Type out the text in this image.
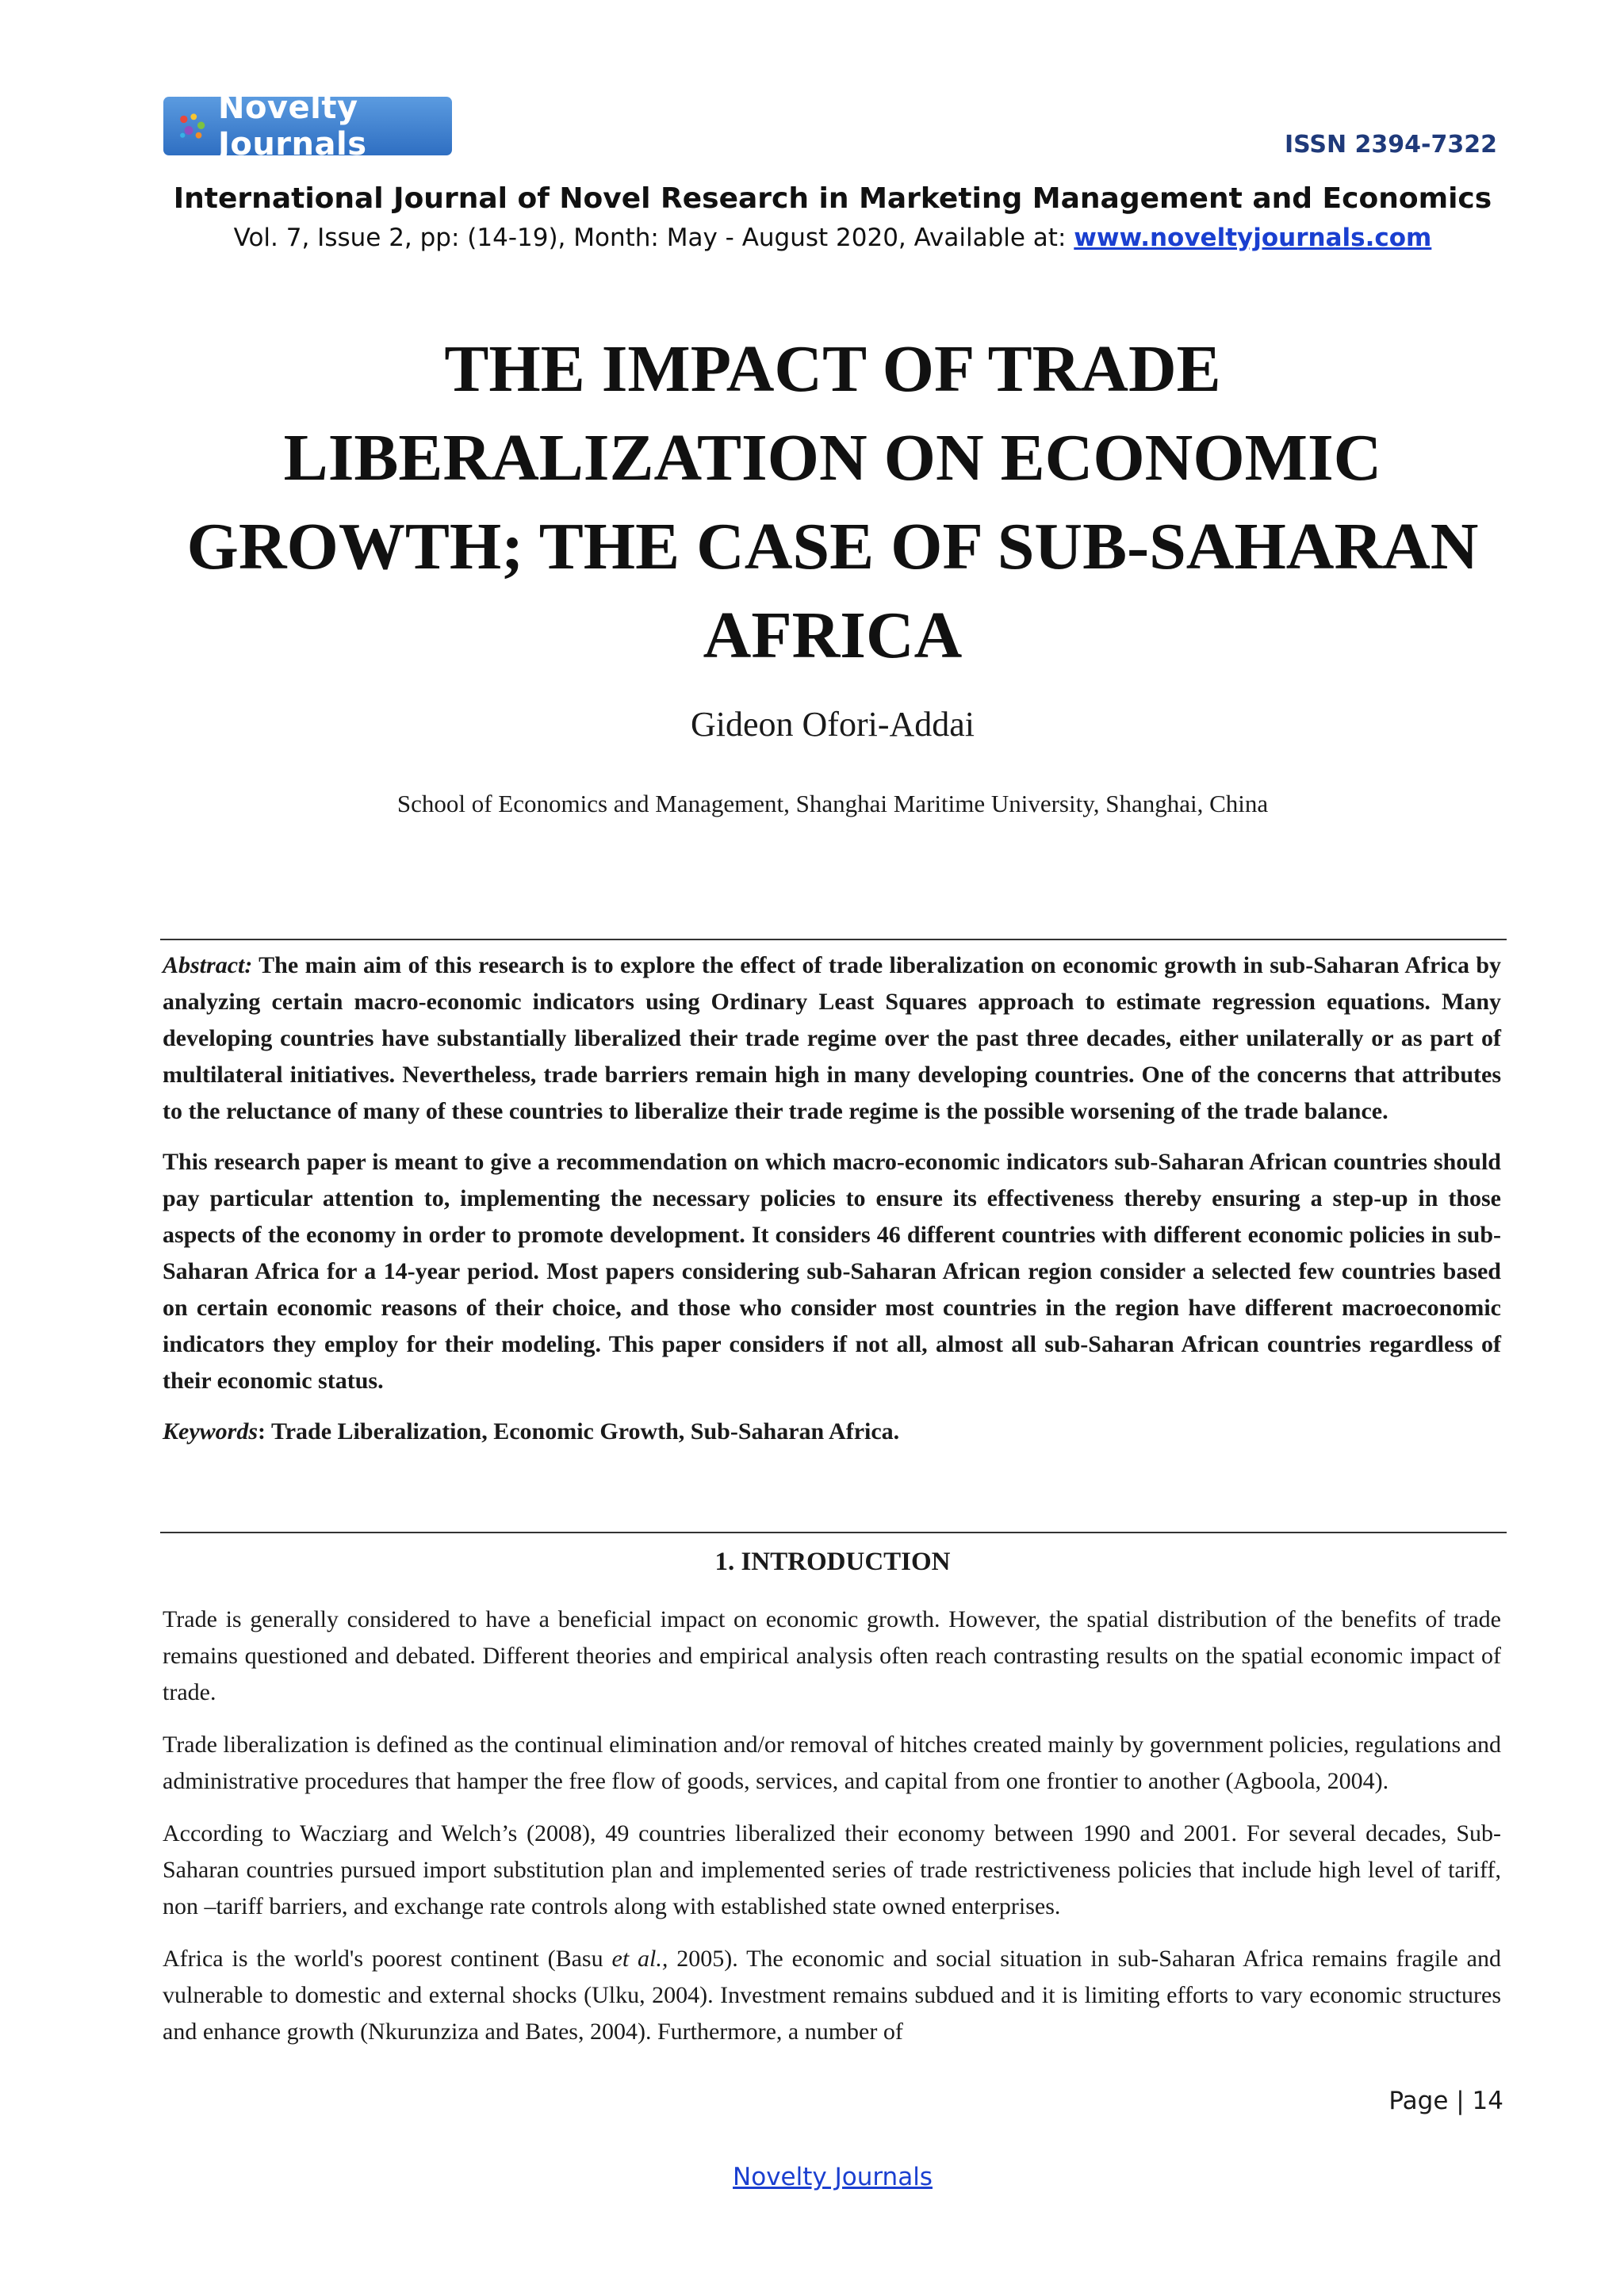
Novelty Journals	ISSN 2394-7322
International Journal of Novel Research in Marketing Management and Economics
Vol. 7, Issue 2, pp: (14-19), Month: May - August 2020, Available at: www.noveltyjournals.com
THE IMPACT OF TRADE LIBERALIZATION ON ECONOMIC GROWTH; THE CASE OF SUB-SAHARAN AFRICA
Gideon Ofori-Addai
School of Economics and Management, Shanghai Maritime University, Shanghai, China

Abstract: The main aim of this research is to explore the effect of trade liberalization on economic growth in sub-Saharan Africa by analyzing certain macro-economic indicators using Ordinary Least Squares approach to estimate regression equations. Many developing countries have substantially liberalized their trade regime over the past three decades, either unilaterally or as part of multilateral initiatives. Nevertheless, trade barriers remain high in many developing countries. One of the concerns that attributes to the reluctance of many of these countries to liberalize their trade regime is the possible worsening of the trade balance.

This research paper is meant to give a recommendation on which macro-economic indicators sub-Saharan African countries should pay particular attention to, implementing the necessary policies to ensure its effectiveness thereby ensuring a step-up in those aspects of the economy in order to promote development. It considers 46 different countries with different economic policies in sub-Saharan Africa for a 14-year period. Most papers considering sub-Saharan African region consider a selected few countries based on certain economic reasons of their choice, and those who consider most countries in the region have different macroeconomic indicators they employ for their modeling. This paper considers if not all, almost all sub-Saharan African countries regardless of their economic status.

Keywords: Trade Liberalization, Economic Growth, Sub-Saharan Africa.

1. INTRODUCTION

Trade is generally considered to have a beneficial impact on economic growth. However, the spatial distribution of the benefits of trade remains questioned and debated. Different theories and empirical analysis often reach contrasting results on the spatial economic impact of trade.

Trade liberalization is defined as the continual elimination and/or removal of hitches created mainly by government policies, regulations and administrative procedures that hamper the free flow of goods, services, and capital from one frontier to another (Agboola, 2004).

According to Wacziarg and Welch’s (2008), 49 countries liberalized their economy between 1990 and 2001. For several decades, Sub-Saharan countries pursued import substitution plan and implemented series of trade restrictiveness policies that include high level of tariff, non –tariff barriers, and exchange rate controls along with established state owned enterprises.

Africa is the world's poorest continent (Basu et al., 2005). The economic and social situation in sub-Saharan Africa remains fragile and vulnerable to domestic and external shocks (Ulku, 2004). Investment remains subdued and it is limiting efforts to vary economic structures and enhance growth (Nkurunziza and Bates, 2004). Furthermore, a number of

Page | 14
Novelty Journals
